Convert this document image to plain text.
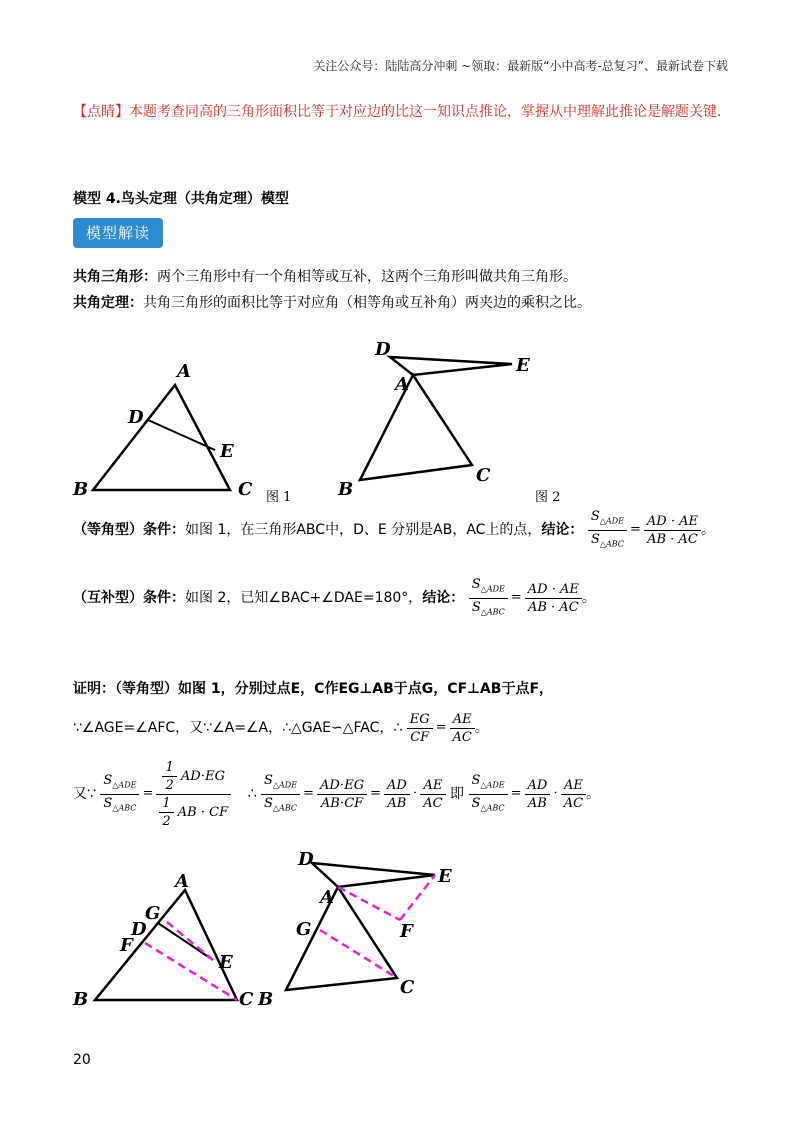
关注公众号：陆陆高分冲刺 ~领取：最新版“小中高考-总复习”、最新试卷下载
【点睛】本题考查同高的三角形面积比等于对应边的比这一知识点推论，掌握从中理解此推论是解题关键.
模型 4.鸟头定理（共角定理）模型
模型解读
共角三角形：两个三角形中有一个角相等或互补，这两个三角形叫做共角三角形。
共角定理：共角三角形的面积比等于对应角（相等角或互补角）两夹边的乘积之比。
A
D
E
B	C 图 1
D
E
A
B
C
图 2
（等角型）条件：如图 1，在三角形ABC中，D、E 分别是AB，AC上的点，结论： $\frac{S_{\triangle ADE}}{S_{\triangle ABC}} = \frac{AD \cdot AE}{AB \cdot AC}$ 。
（互补型）条件：如图 2，已知∠BAC+∠DAE=180°，结论： $\frac{S_{\triangle ADE}}{S_{\triangle ABC}} = \frac{AD \cdot AE}{AB \cdot AC}$ 。
证明：（等角型）如图 1，分别过点E，C作EG⊥AB于点G，CF⊥AB于点F，
∵∠AGE=∠AFC，又∵∠A=∠A，∴△GAE∽△FAC，∴ $\frac{EG}{CF} = \frac{AE}{AC}$ 。
又∵ $\frac{S_{\triangle ADE}}{S_{\triangle ABC}} = \frac{\frac{1}{2} AD\cdot EG}{\frac{1}{2} AB \cdot CF}$ ∴ $\frac{S_{\triangle ADE}}{S_{\triangle ABC}} = \frac{AD\cdot EG}{AB\cdot CF} = \frac{AD}{AB} \cdot \frac{AE}{AC}$ 即 $\frac{S_{\triangle ADE}}{S_{\triangle ABC}} = \frac{AD}{AB} \cdot \frac{AE}{AC}$ 。
A
G
D
F
E
B	C
D
E
A
F
G
B
C
20
